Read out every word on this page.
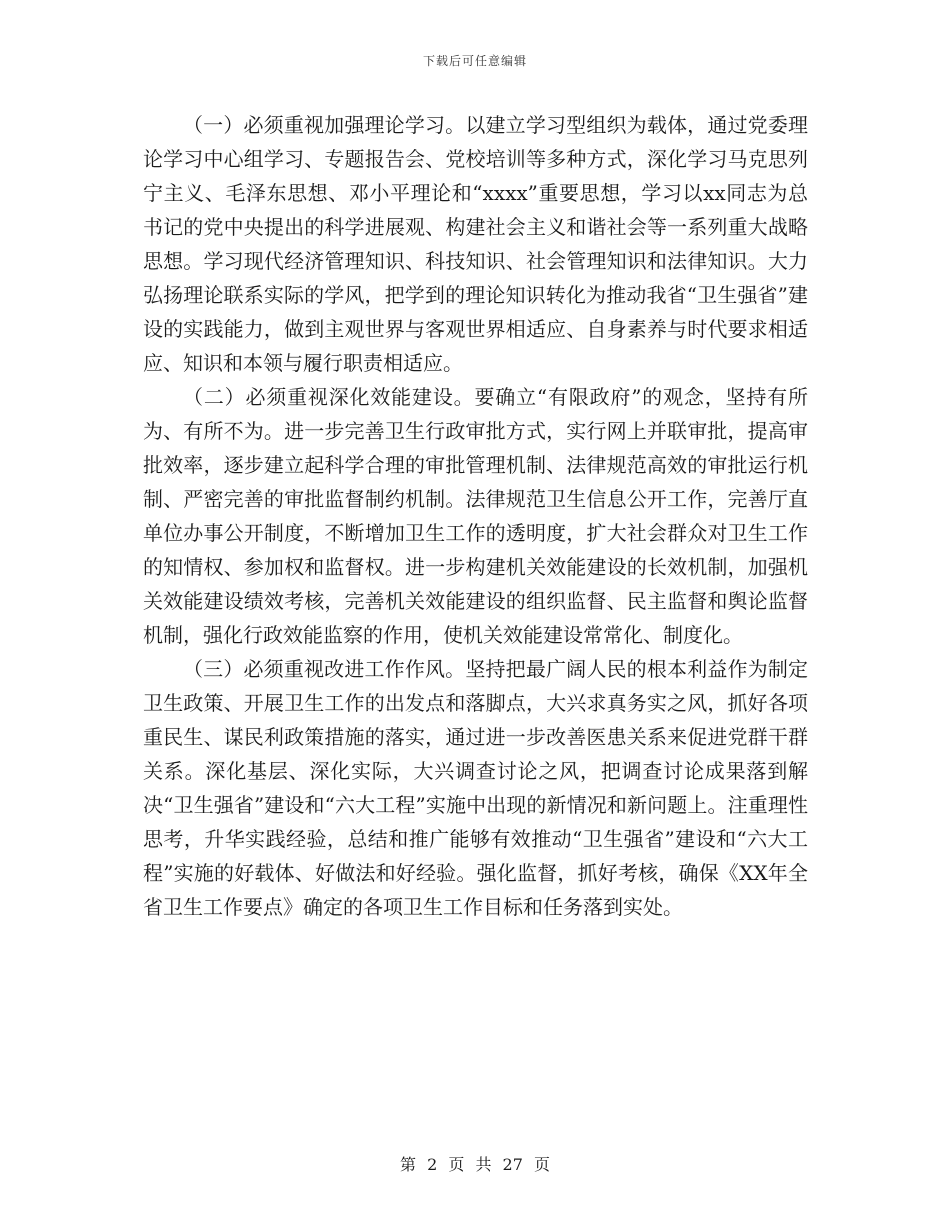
下载后可任意编辑

（一）必须重视加强理论学习。以建立学习型组织为载体，通过党委理论学习中心组学习、专题报告会、党校培训等多种方式，深化学习马克思列宁主义、毛泽东思想、邓小平理论和“xxxx”重要思想，学习以xx同志为总书记的党中央提出的科学进展观、构建社会主义和谐社会等一系列重大战略思想。学习现代经济管理知识、科技知识、社会管理知识和法律知识。大力弘扬理论联系实际的学风，把学到的理论知识转化为推动我省“卫生强省”建设的实践能力，做到主观世界与客观世界相适应、自身素养与时代要求相适应、知识和本领与履行职责相适应。

（二）必须重视深化效能建设。要确立“有限政府”的观念，坚持有所为、有所不为。进一步完善卫生行政审批方式，实行网上并联审批，提高审批效率，逐步建立起科学合理的审批管理机制、法律规范高效的审批运行机制、严密完善的审批监督制约机制。法律规范卫生信息公开工作，完善厅直单位办事公开制度，不断增加卫生工作的透明度，扩大社会群众对卫生工作的知情权、参加权和监督权。进一步构建机关效能建设的长效机制，加强机关效能建设绩效考核，完善机关效能建设的组织监督、民主监督和舆论监督机制，强化行政效能监察的作用，使机关效能建设常常化、制度化。

（三）必须重视改进工作作风。坚持把最广阔人民的根本利益作为制定卫生政策、开展卫生工作的出发点和落脚点，大兴求真务实之风，抓好各项重民生、谋民利政策措施的落实，通过进一步改善医患关系来促进党群干群关系。深化基层、深化实际，大兴调查讨论之风，把调查讨论成果落到解决“卫生强省”建设和“六大工程”实施中出现的新情况和新问题上。注重理性思考，升华实践经验，总结和推广能够有效推动“卫生强省”建设和“六大工程”实施的好载体、好做法和好经验。强化监督，抓好考核，确保《XX年全省卫生工作要点》确定的各项卫生工作目标和任务落到实处。

第 2 页 共 27 页
